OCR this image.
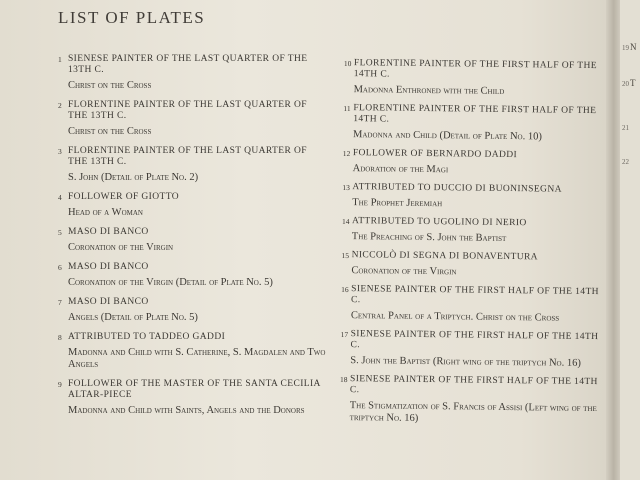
19 N
20 T
21
22
LIST OF PLATES
1 SIENESE PAINTER OF THE LAST QUARTER OF THE 13TH C.
Christ on the Cross
2 FLORENTINE PAINTER OF THE LAST QUARTER OF THE 13TH C.
Christ on the Cross
3 FLORENTINE PAINTER OF THE LAST QUARTER OF THE 13TH C.
S. John (Detail of Plate No. 2)
4 FOLLOWER OF GIOTTO
Head of a Woman
5 MASO DI BANCO
Coronation of the Virgin
6 MASO DI BANCO
Coronation of the Virgin (Detail of Plate No. 5)
7 MASO DI BANCO
Angels (Detail of Plate No. 5)
8 ATTRIBUTED TO TADDEO GADDI
Madonna and Child with S. Catherine, S. Magdalen and Two Angels
9 FOLLOWER OF THE MASTER OF THE SANTA CECILIA ALTAR-PIECE
Madonna and Child with Saints, Angels and the Donors
10 FLORENTINE PAINTER OF THE FIRST HALF OF THE 14TH C.
Madonna Enthroned with the Child
11 FLORENTINE PAINTER OF THE FIRST HALF OF THE 14TH C.
Madonna and Child (Detail of Plate No. 10)
12 FOLLOWER OF BERNARDO DADDI
Adoration of the Magi
13 ATTRIBUTED TO DUCCIO DI BUONINSEGNA
The Prophet Jeremiah
14 ATTRIBUTED TO UGOLINO DI NERIO
The Preaching of S. John the Baptist
15 NICCOLÒ DI SEGNA DI BONAVENTURA
Coronation of the Virgin
16 SIENESE PAINTER OF THE FIRST HALF OF THE 14TH C.
Central Panel of a Triptych. Christ on the Cross
17 SIENESE PAINTER OF THE FIRST HALF OF THE 14TH C.
S. John the Baptist (Right wing of the triptych No. 16)
18 SIENESE PAINTER OF THE FIRST HALF OF THE 14TH C.
The Stigmatization of S. Francis of Assisi (Left wing of the triptych No. 16)
